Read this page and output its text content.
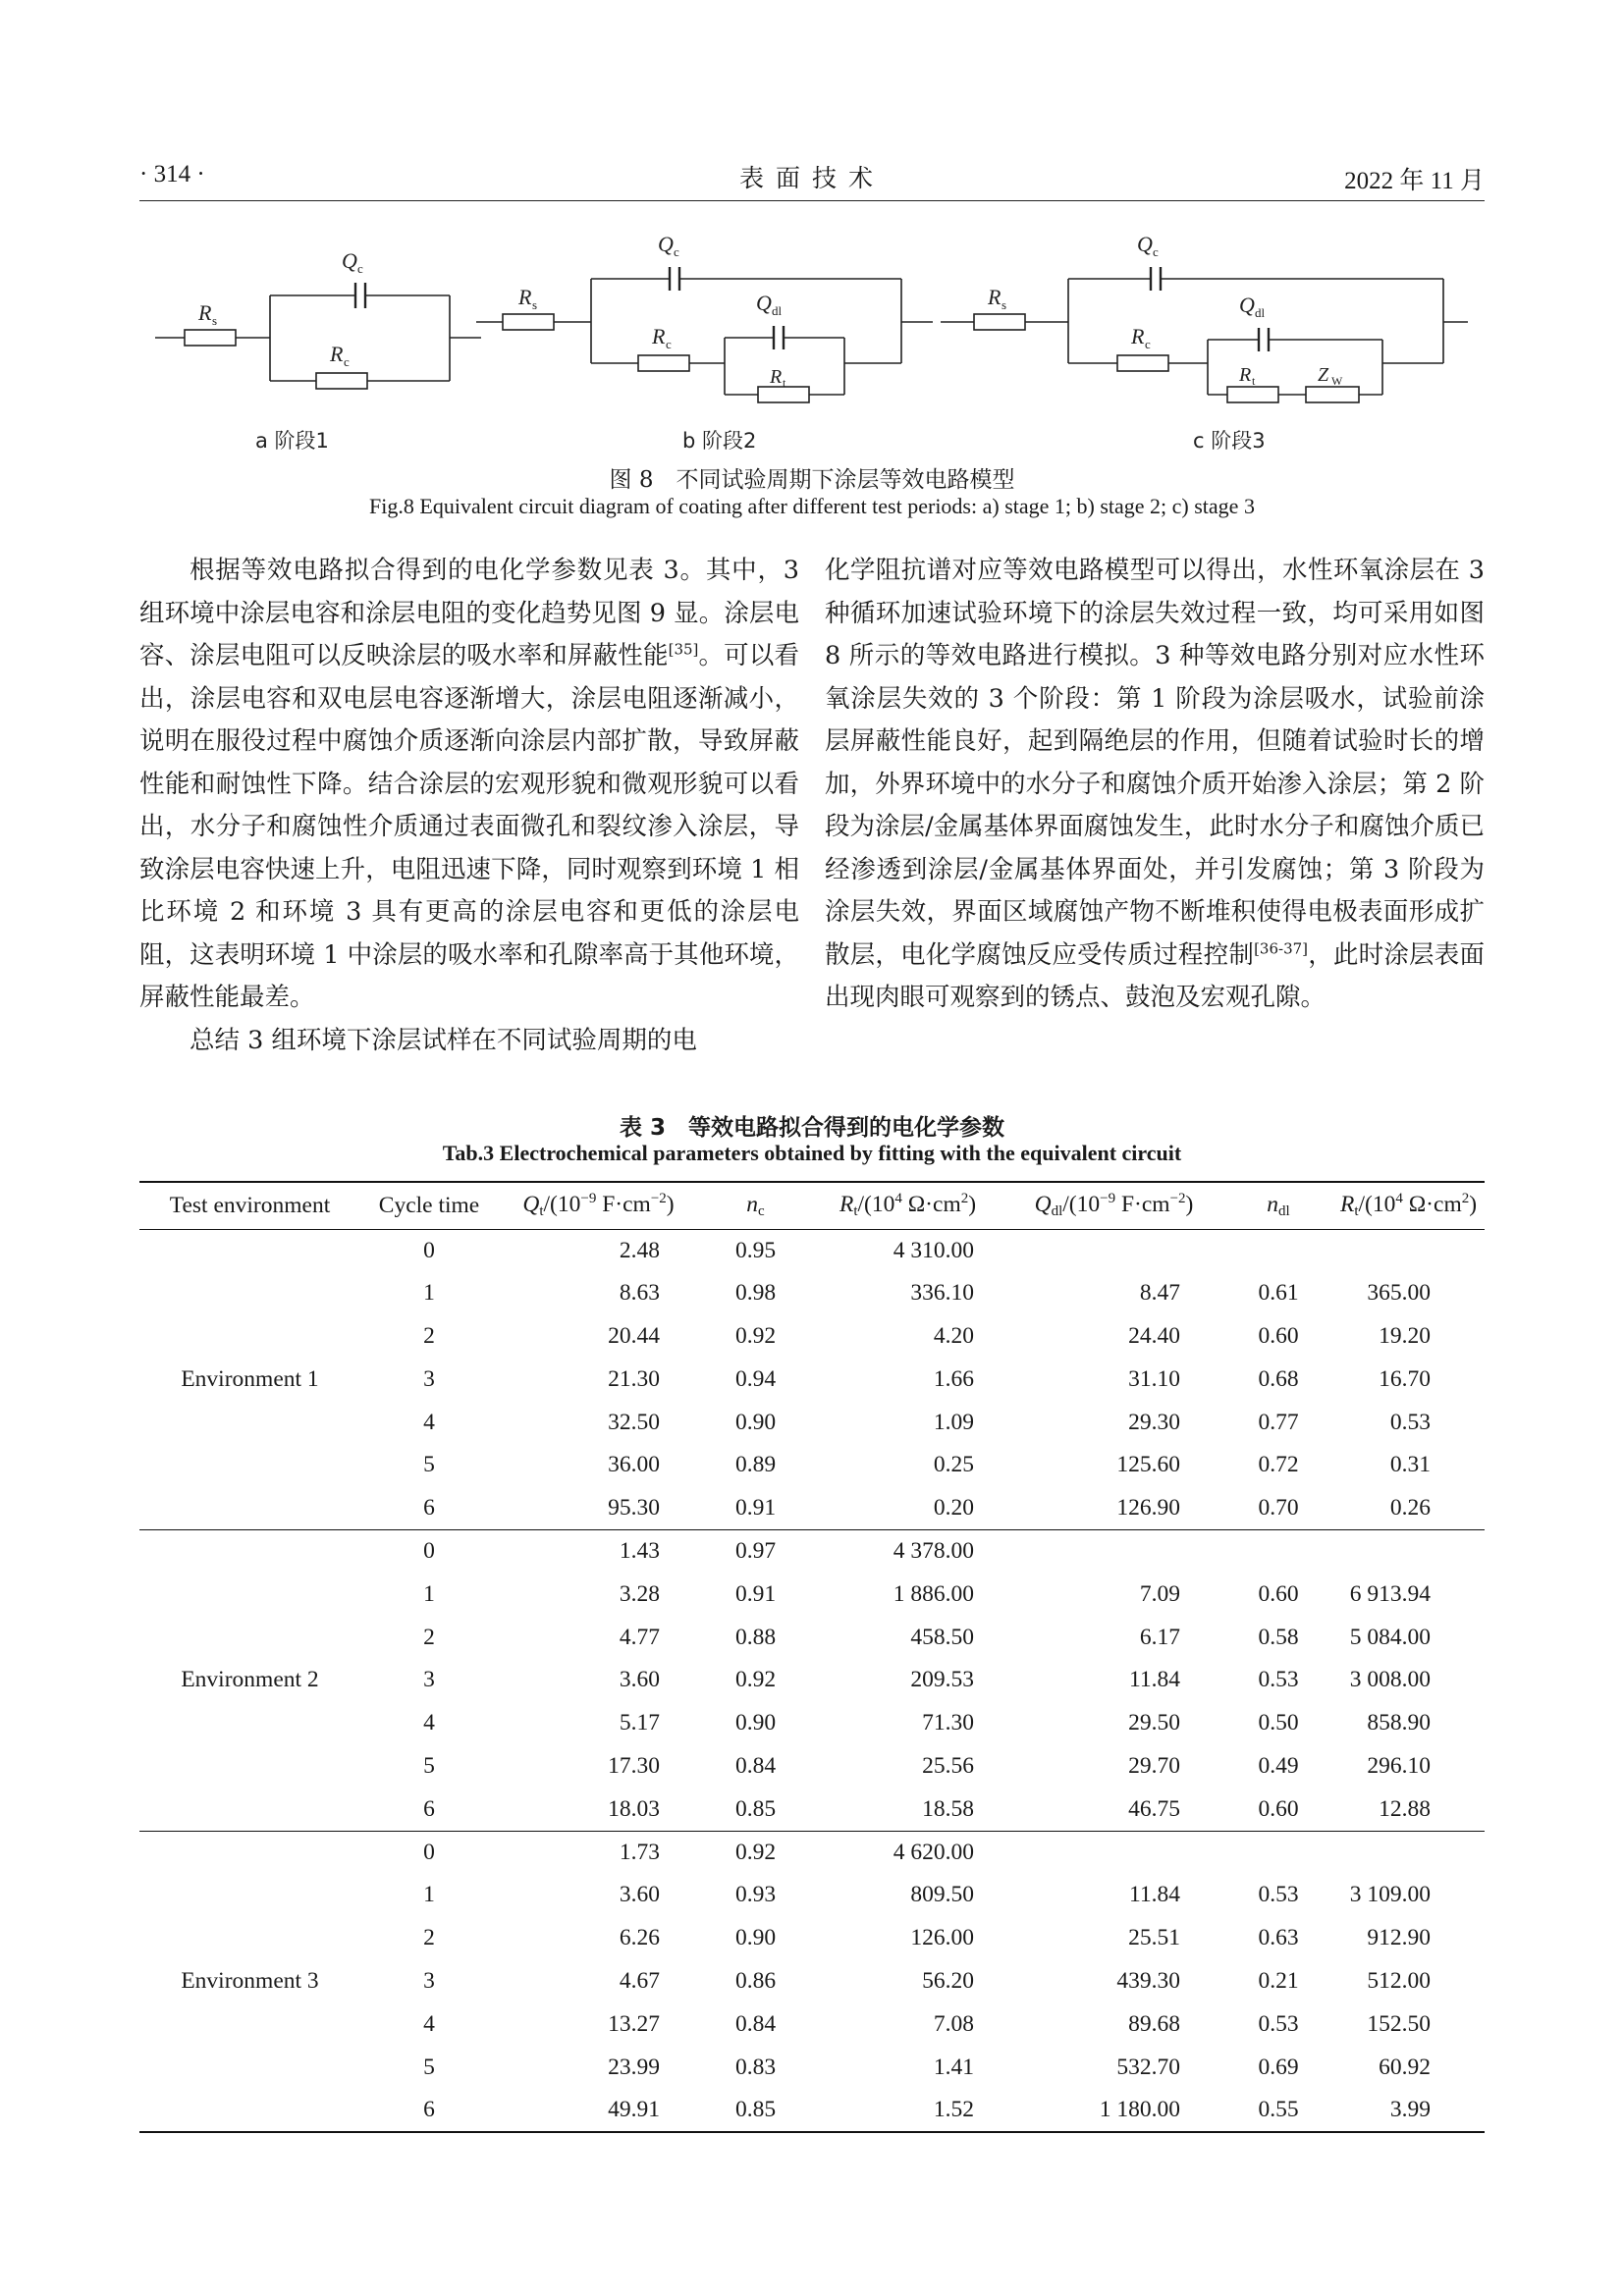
· 314 ·	表面技术	2022 年 11 月
R s
Q c
R c
a 阶段1
R s
Q c
R c
Q dl
R t
b 阶段2
R s
Q c
R c
Q dl
R t	Z W
c 阶段3
图 8　不同试验周期下涂层等效电路模型
Fig.8 Equivalent circuit diagram of coating after different test periods: a) stage 1; b) stage 2; c) stage 3

根据等效电路拟合得到的电化学参数见表 3。其中，3 组环境中涂层电容和涂层电阻的变化趋势见图 9 显。涂层电容、涂层电阻可以反映涂层的吸水率和屏蔽性能[35]。可以看出，涂层电容和双电层电容逐渐增大，涂层电阻逐渐减小，说明在服役过程中腐蚀介质逐渐向涂层内部扩散，导致屏蔽性能和耐蚀性下降。结合涂层的宏观形貌和微观形貌可以看出，水分子和腐蚀性介质通过表面微孔和裂纹渗入涂层，导致涂层电容快速上升，电阻迅速下降，同时观察到环境 1 相比环境 2 和环境 3 具有更高的涂层电容和更低的涂层电阻，这表明环境 1 中涂层的吸水率和孔隙率高于其他环境，屏蔽性能最差。

总结 3 组环境下涂层试样在不同试验周期的电

化学阻抗谱对应等效电路模型可以得出，水性环氧涂层在 3 种循环加速试验环境下的涂层失效过程一致，均可采用如图 8 所示的等效电路进行模拟。3 种等效电路分别对应水性环氧涂层失效的 3 个阶段：第 1 阶段为涂层吸水，试验前涂层屏蔽性能良好，起到隔绝层的作用，但随着试验时长的增加，外界环境中的水分子和腐蚀介质开始渗入涂层；第 2 阶段为涂层/金属基体界面腐蚀发生，此时水分子和腐蚀介质已经渗透到涂层/金属基体界面处，并引发腐蚀；第 3 阶段为涂层失效，界面区域腐蚀产物不断堆积使得电极表面形成扩散层，电化学腐蚀反应受传质过程控制[36-37]，此时涂层表面出现肉眼可观察到的锈点、鼓泡及宏观孔隙。

表 3　等效电路拟合得到的电化学参数
Tab.3 Electrochemical parameters obtained by fitting with the equivalent circuit
Test environment	Cycle time	$Q_t/(10^{-9}$ $F\cdot cm^{-2}$)	$n_c$	$R_t/(10^4$ $\Omega\cdot cm^2$)	$Q_{dl}/(10^{-9}$ $F\cdot cm^{-2}$)	$n_{dl}$	$R_t/(10^4$ $\Omega\cdot cm^2$)
Environment 1	0	2.48	0.95	4 310.00			
	1	8.63	0.98	336.10	8.47	0.61	365.00
	2	20.44	0.92	4.20	24.40	0.60	19.20
	3	21.30	0.94	1.66	31.10	0.68	16.70
	4	32.50	0.90	1.09	29.30	0.77	0.53
	5	36.00	0.89	0.25	125.60	0.72	0.31
	6	95.30	0.91	0.20	126.90	0.70	0.26
Environment 2	0	1.43	0.97	4 378.00			
	1	3.28	0.91	1 886.00	7.09	0.60	6 913.94
	2	4.77	0.88	458.50	6.17	0.58	5 084.00
	3	3.60	0.92	209.53	11.84	0.53	3 008.00
	4	5.17	0.90	71.30	29.50	0.50	858.90
	5	17.30	0.84	25.56	29.70	0.49	296.10
	6	18.03	0.85	18.58	46.75	0.60	12.88
Environment 3	0	1.73	0.92	4 620.00			
	1	3.60	0.93	809.50	11.84	0.53	3 109.00
	2	6.26	0.90	126.00	25.51	0.63	912.90
	3	4.67	0.86	56.20	439.30	0.21	512.00
	4	13.27	0.84	7.08	89.68	0.53	152.50
	5	23.99	0.83	1.41	532.70	0.69	60.92
	6	49.91	0.85	1.52	1 180.00	0.55	3.99
